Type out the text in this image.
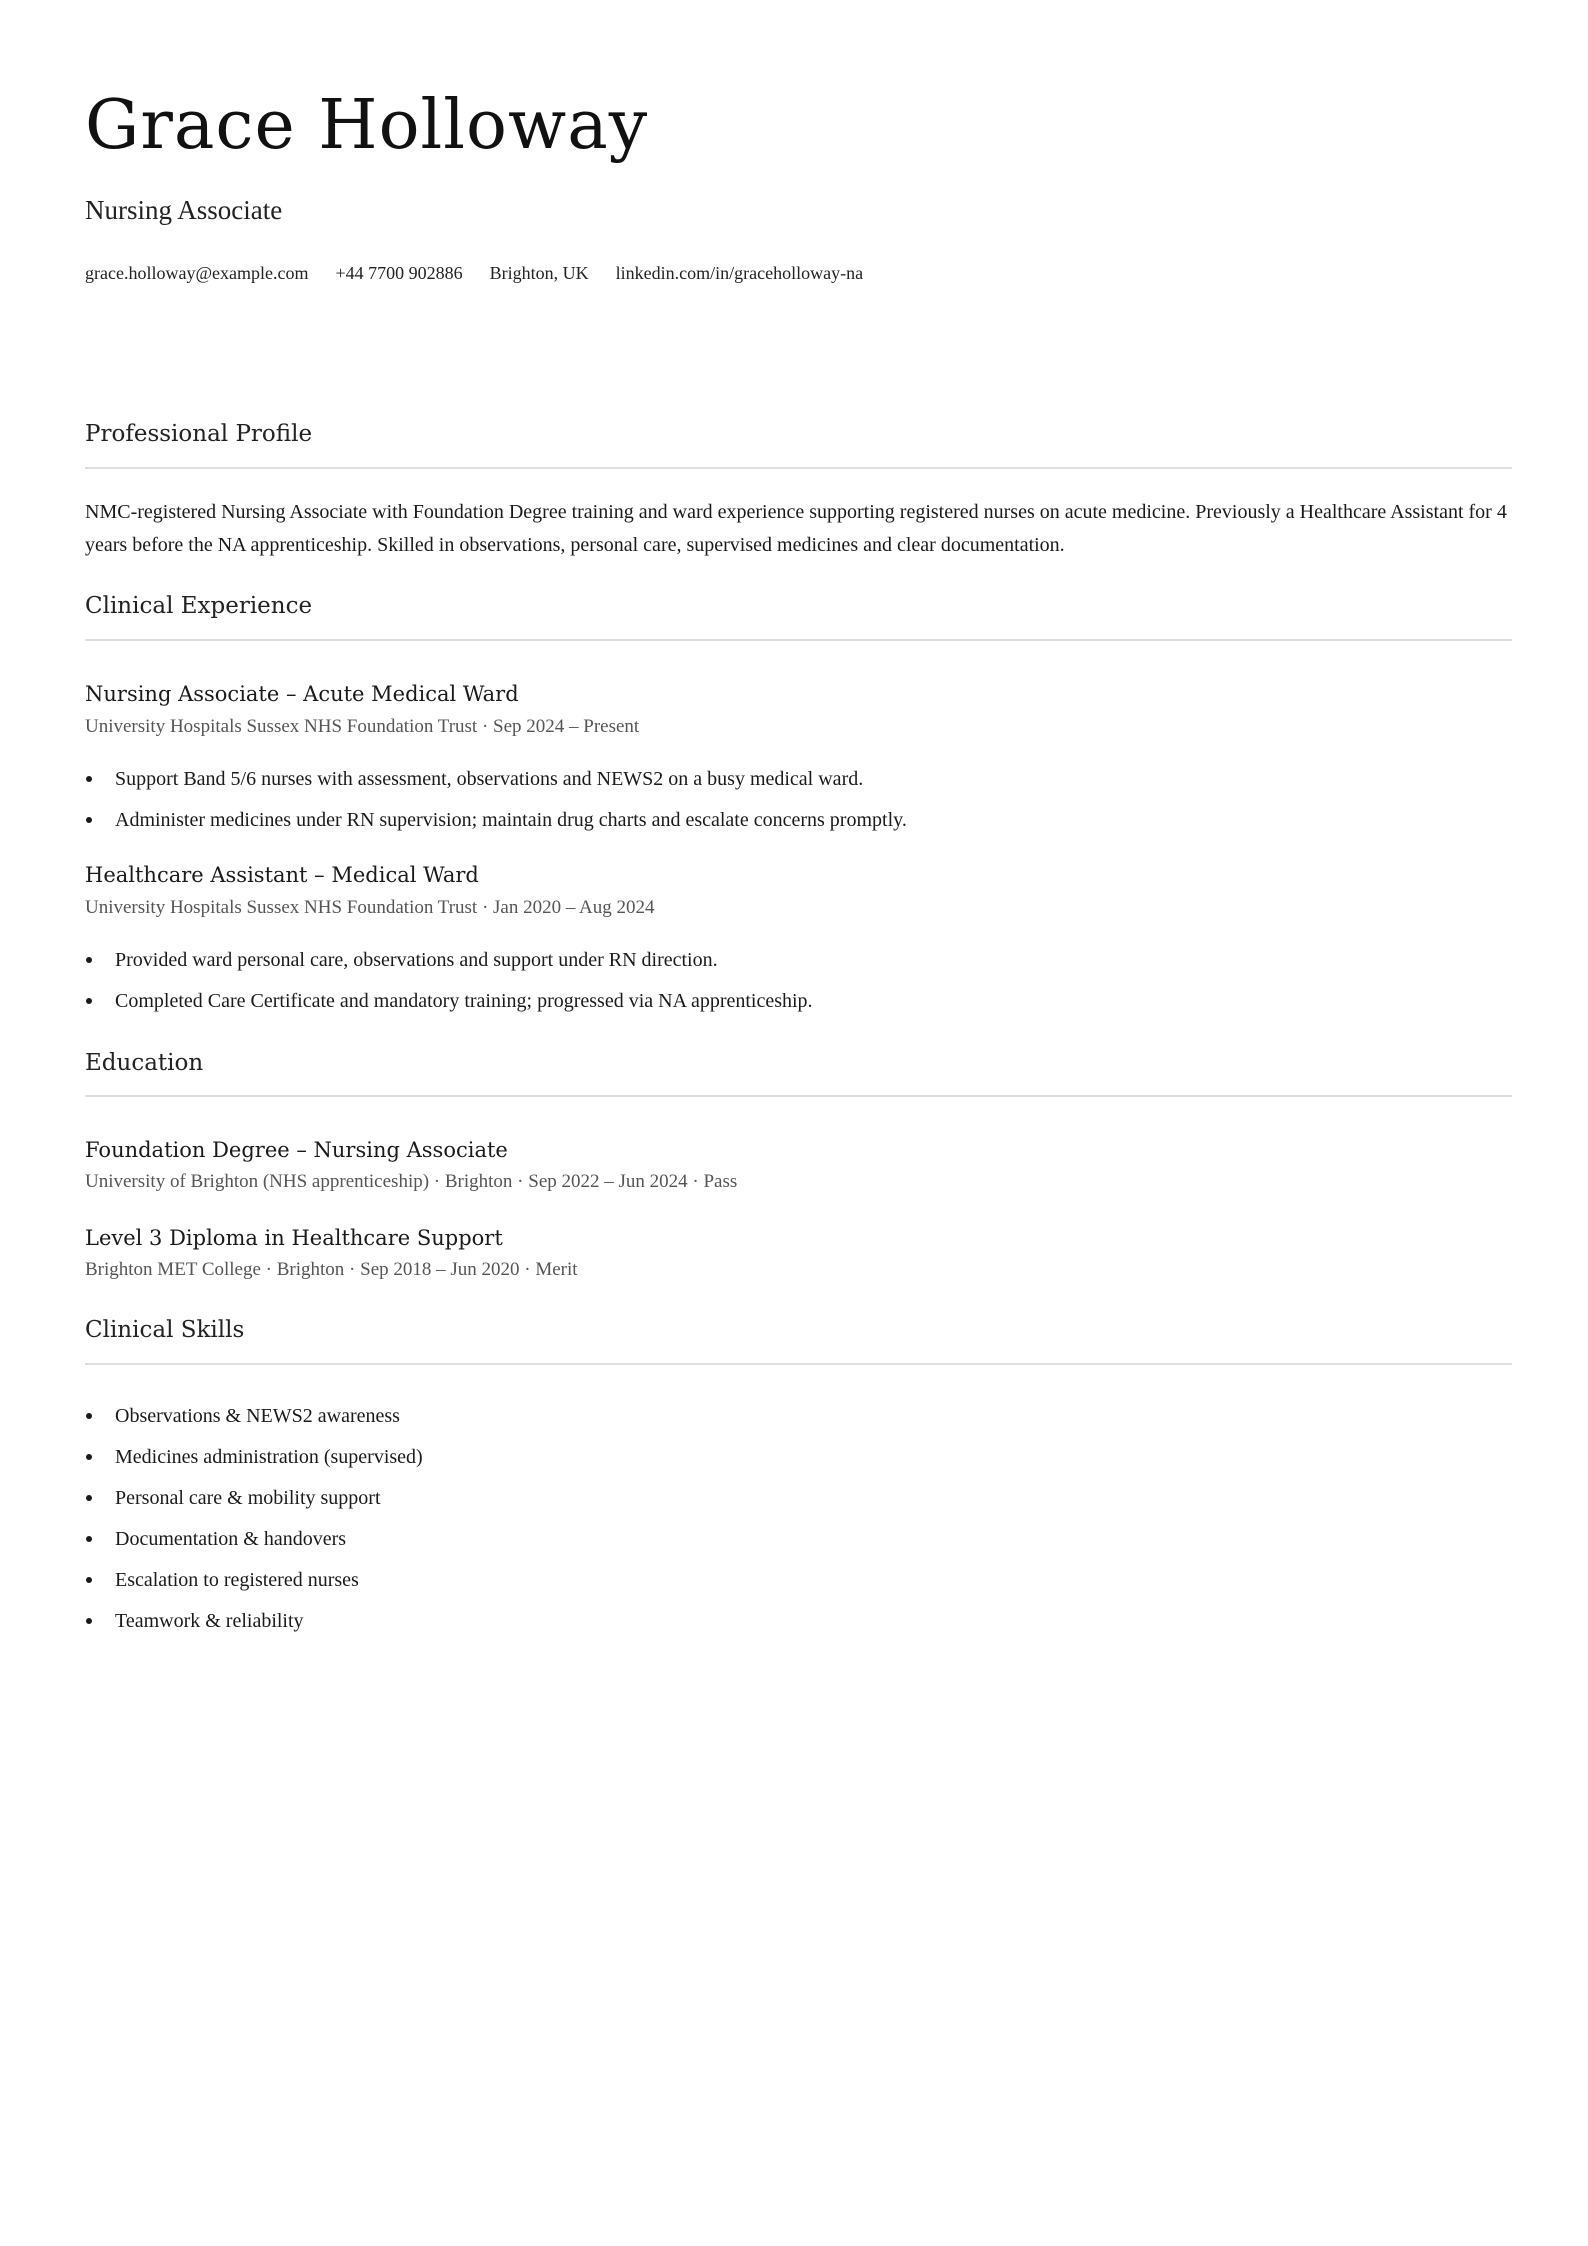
Grace Holloway
Nursing Associate
grace.holloway@example.com +44 7700 902886 Brighton, UK linkedin.com/in/graceholloway-na
Professional Profile

NMC-registered Nursing Associate with Foundation Degree training and ward experience supporting registered nurses on acute medicine. Previously a Healthcare Assistant for 4 years before the NA apprenticeship. Skilled in observations, personal care, supervised medicines and clear documentation.

Clinical Experience
Nursing Associate – Acute Medical Ward
University Hospitals Sussex NHS Foundation Trust · Sep 2024 – Present
Support Band 5/6 nurses with assessment, observations and NEWS2 on a busy medical ward.
Administer medicines under RN supervision; maintain drug charts and escalate concerns promptly.
Healthcare Assistant – Medical Ward
University Hospitals Sussex NHS Foundation Trust · Jan 2020 – Aug 2024
Provided ward personal care, observations and support under RN direction.
Completed Care Certificate and mandatory training; progressed via NA apprenticeship.
Education
Foundation Degree – Nursing Associate
University of Brighton (NHS apprenticeship) · Brighton · Sep 2022 – Jun 2024 · Pass
Level 3 Diploma in Healthcare Support
Brighton MET College · Brighton · Sep 2018 – Jun 2020 · Merit
Clinical Skills
Observations & NEWS2 awareness
Medicines administration (supervised)
Personal care & mobility support
Documentation & handovers
Escalation to registered nurses
Teamwork & reliability
